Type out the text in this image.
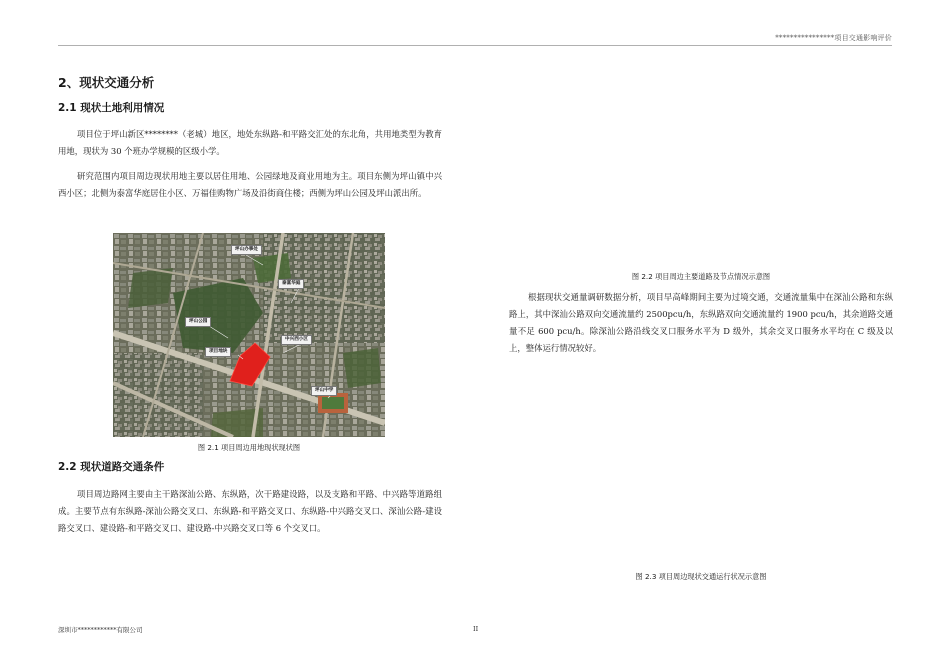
****************项目交通影响评价
2、现状交通分析
2.1 现状土地利用情况

项目位于坪山新区********（老城）地区，地处东纵路-和平路交汇处的东北角，共用地类型为教育用地，现状为 30 个班办学规模的区级小学。

研究范围内项目周边现状用地主要以居住用地、公园绿地及商业用地为主。项目东侧为坪山镇中兴西小区；北侧为泰富华庭居住小区、万福佳购物广场及沿街商住楼；西侧为坪山公园及坪山派出所。

坪山办事处
泰富华庭
坪山公园
中兴西小区
项目地块
坪山中学
图 2.1 项目周边用地现状现状图
2.2 现状道路交通条件

项目周边路网主要由主干路深汕公路、东纵路，次干路建设路，以及支路和平路、中兴路等道路组成。主要节点有东纵路-深汕公路交叉口、东纵路-和平路交叉口、东纵路-中兴路交叉口、深汕公路-建设路交叉口、建设路-和平路交叉口、建设路-中兴路交叉口等 6 个交叉口。

图 2.2 项目周边主要道路及节点情况示意图

根据现状交通量调研数据分析，项目早高峰期间主要为过境交通，交通流量集中在深汕公路和东纵路上，其中深汕公路双向交通流量约 2500pcu/h，东纵路双向交通流量约 1900 pcu/h，其余道路交通量不足 600 pcu/h。除深汕公路沿线交叉口服务水平为 D 级外，其余交叉口服务水平均在 C 级及以上，整体运行情况较好。

图 2.3 项目周边现状交通运行状况示意图
深圳市************有限公司	II
